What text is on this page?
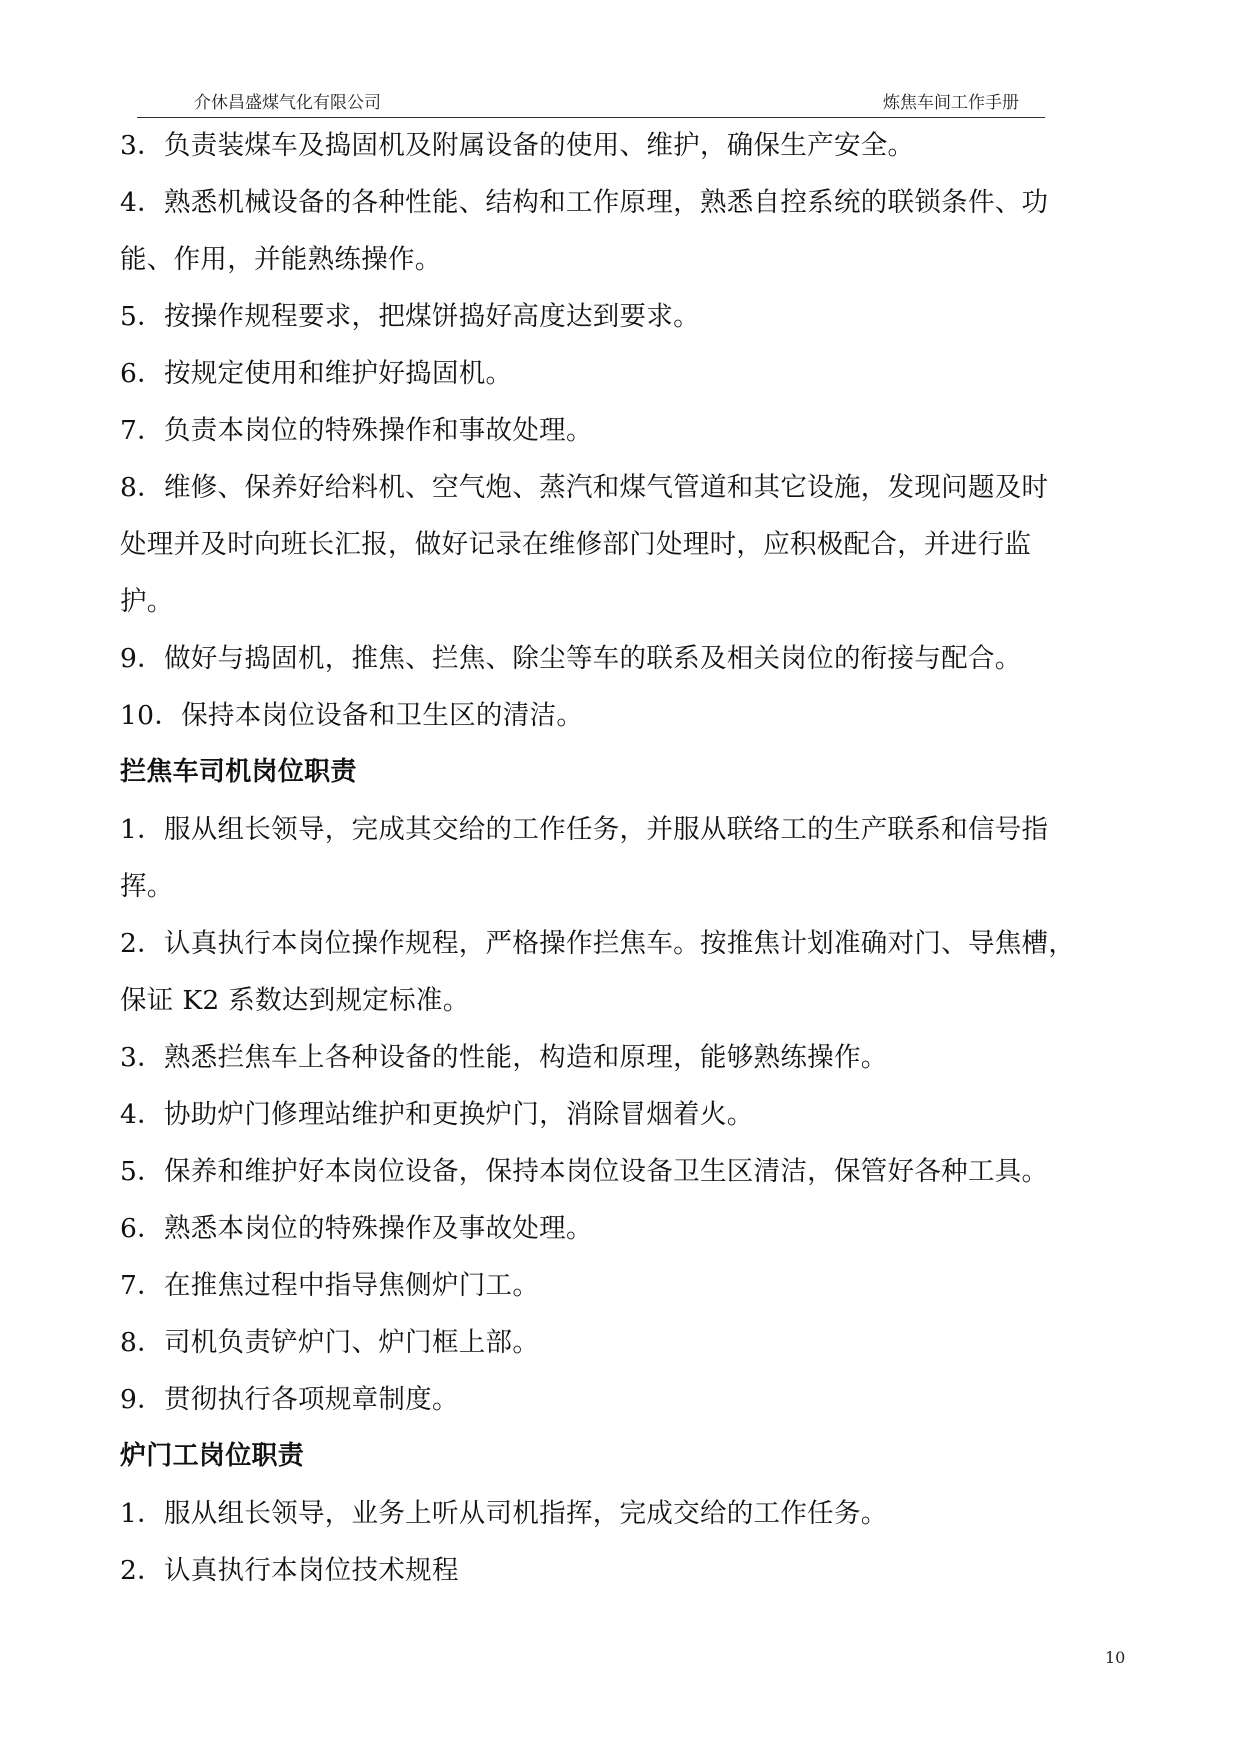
介休昌盛煤气化有限公司	炼焦车间工作手册
3．负责装煤车及捣固机及附属设备的使用、维护，确保生产安全。
4．熟悉机械设备的各种性能、结构和工作原理，熟悉自控系统的联锁条件、功
能、作用，并能熟练操作。
5．按操作规程要求，把煤饼捣好高度达到要求。
6．按规定使用和维护好捣固机。
7．负责本岗位的特殊操作和事故处理。
8．维修、保养好给料机、空气炮、蒸汽和煤气管道和其它设施，发现问题及时
处理并及时向班长汇报，做好记录在维修部门处理时，应积极配合，并进行监
护。
9．做好与捣固机，推焦、拦焦、除尘等车的联系及相关岗位的衔接与配合。
10．保持本岗位设备和卫生区的清洁。
拦焦车司机岗位职责
1．服从组长领导，完成其交给的工作任务，并服从联络工的生产联系和信号指
挥。
2．认真执行本岗位操作规程，严格操作拦焦车。按推焦计划准确对门、导焦槽，
保证 K2 系数达到规定标准。
3．熟悉拦焦车上各种设备的性能，构造和原理，能够熟练操作。
4．协助炉门修理站维护和更换炉门，消除冒烟着火。
5．保养和维护好本岗位设备，保持本岗位设备卫生区清洁，保管好各种工具。
6．熟悉本岗位的特殊操作及事故处理。
7．在推焦过程中指导焦侧炉门工。
8．司机负责铲炉门、炉门框上部。
9．贯彻执行各项规章制度。
炉门工岗位职责
1．服从组长领导，业务上听从司机指挥，完成交给的工作任务。
2．认真执行本岗位技术规程
10
